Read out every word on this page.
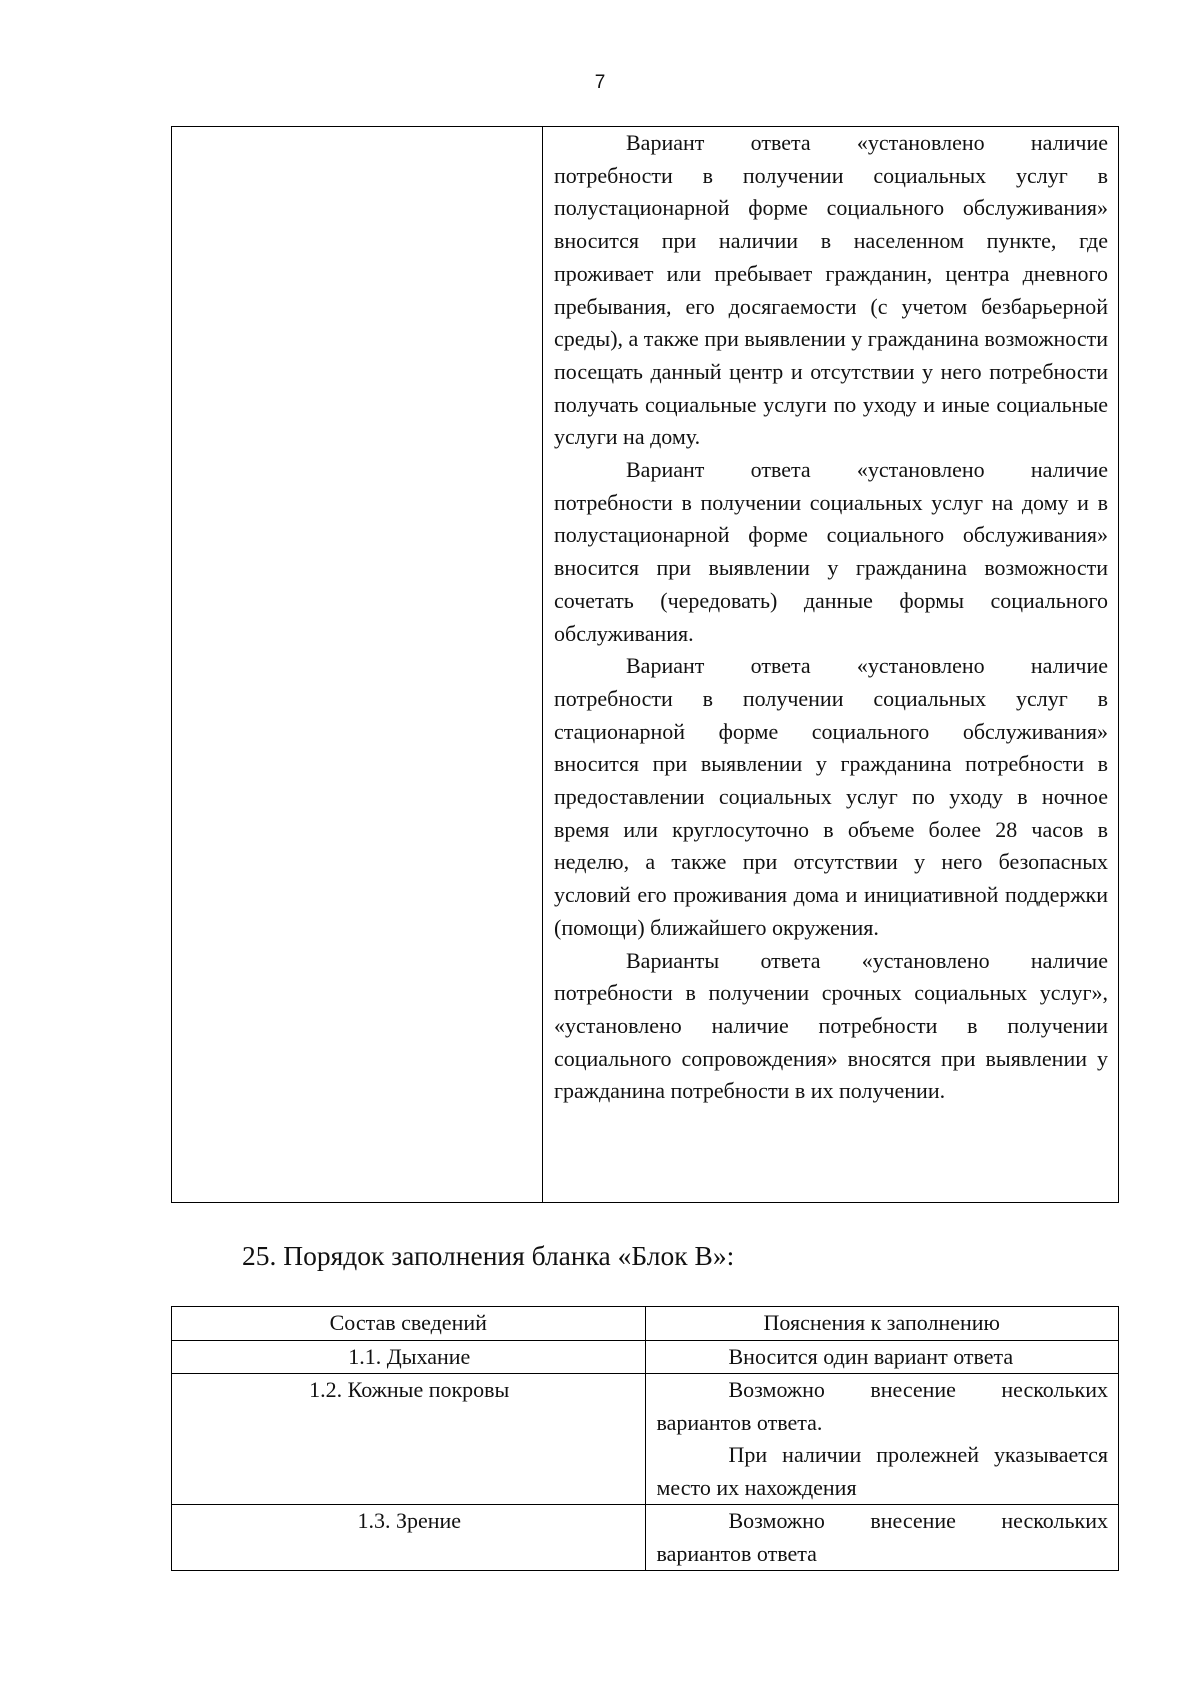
7

Вариант ответа «установлено наличие потребности в получении социальных услуг в полустационарной форме социального обслуживания» вносится при наличии в населенном пункте, где проживает или пребывает гражданин, центра дневного пребывания, его досягаемости (с учетом безбарьерной среды), а также при выявлении у гражданина возможности посещать данный центр и отсутствии у него потребности получать социальные услуги по уходу и иные социальные услуги на дому.
Вариант ответа «установлено наличие потребности в получении социальных услуг на дому и в полустационарной форме социального обслуживания» вносится при выявлении у гражданина возможности сочетать (чередовать) данные формы социального обслуживания.
Вариант ответа «установлено наличие потребности в получении социальных услуг в стационарной форме социального обслуживания» вносится при выявлении у гражданина потребности в предоставлении социальных услуг по уходу в ночное время или круглосуточно в объеме более 28 часов в неделю, а также при отсутствии у него безопасных условий его проживания дома и инициативной поддержки (помощи) ближайшего окружения.
Варианты ответа «установлено наличие потребности в получении срочных социальных услуг», «установлено наличие потребности в получении социального сопровождения» вносятся при выявлении у гражданина потребности в их получении.
25. Порядок заполнения бланка «Блок В»:
Состав сведений	Пояснения к заполнению
1.1. Дыхание	Вносится один вариант ответа

1.2. Кожные покровы	Возможно внесение нескольких вариантов ответа.
При наличии пролежней указывается место их нахождения

1.3. Зрение	Возможно внесение нескольких вариантов ответа
